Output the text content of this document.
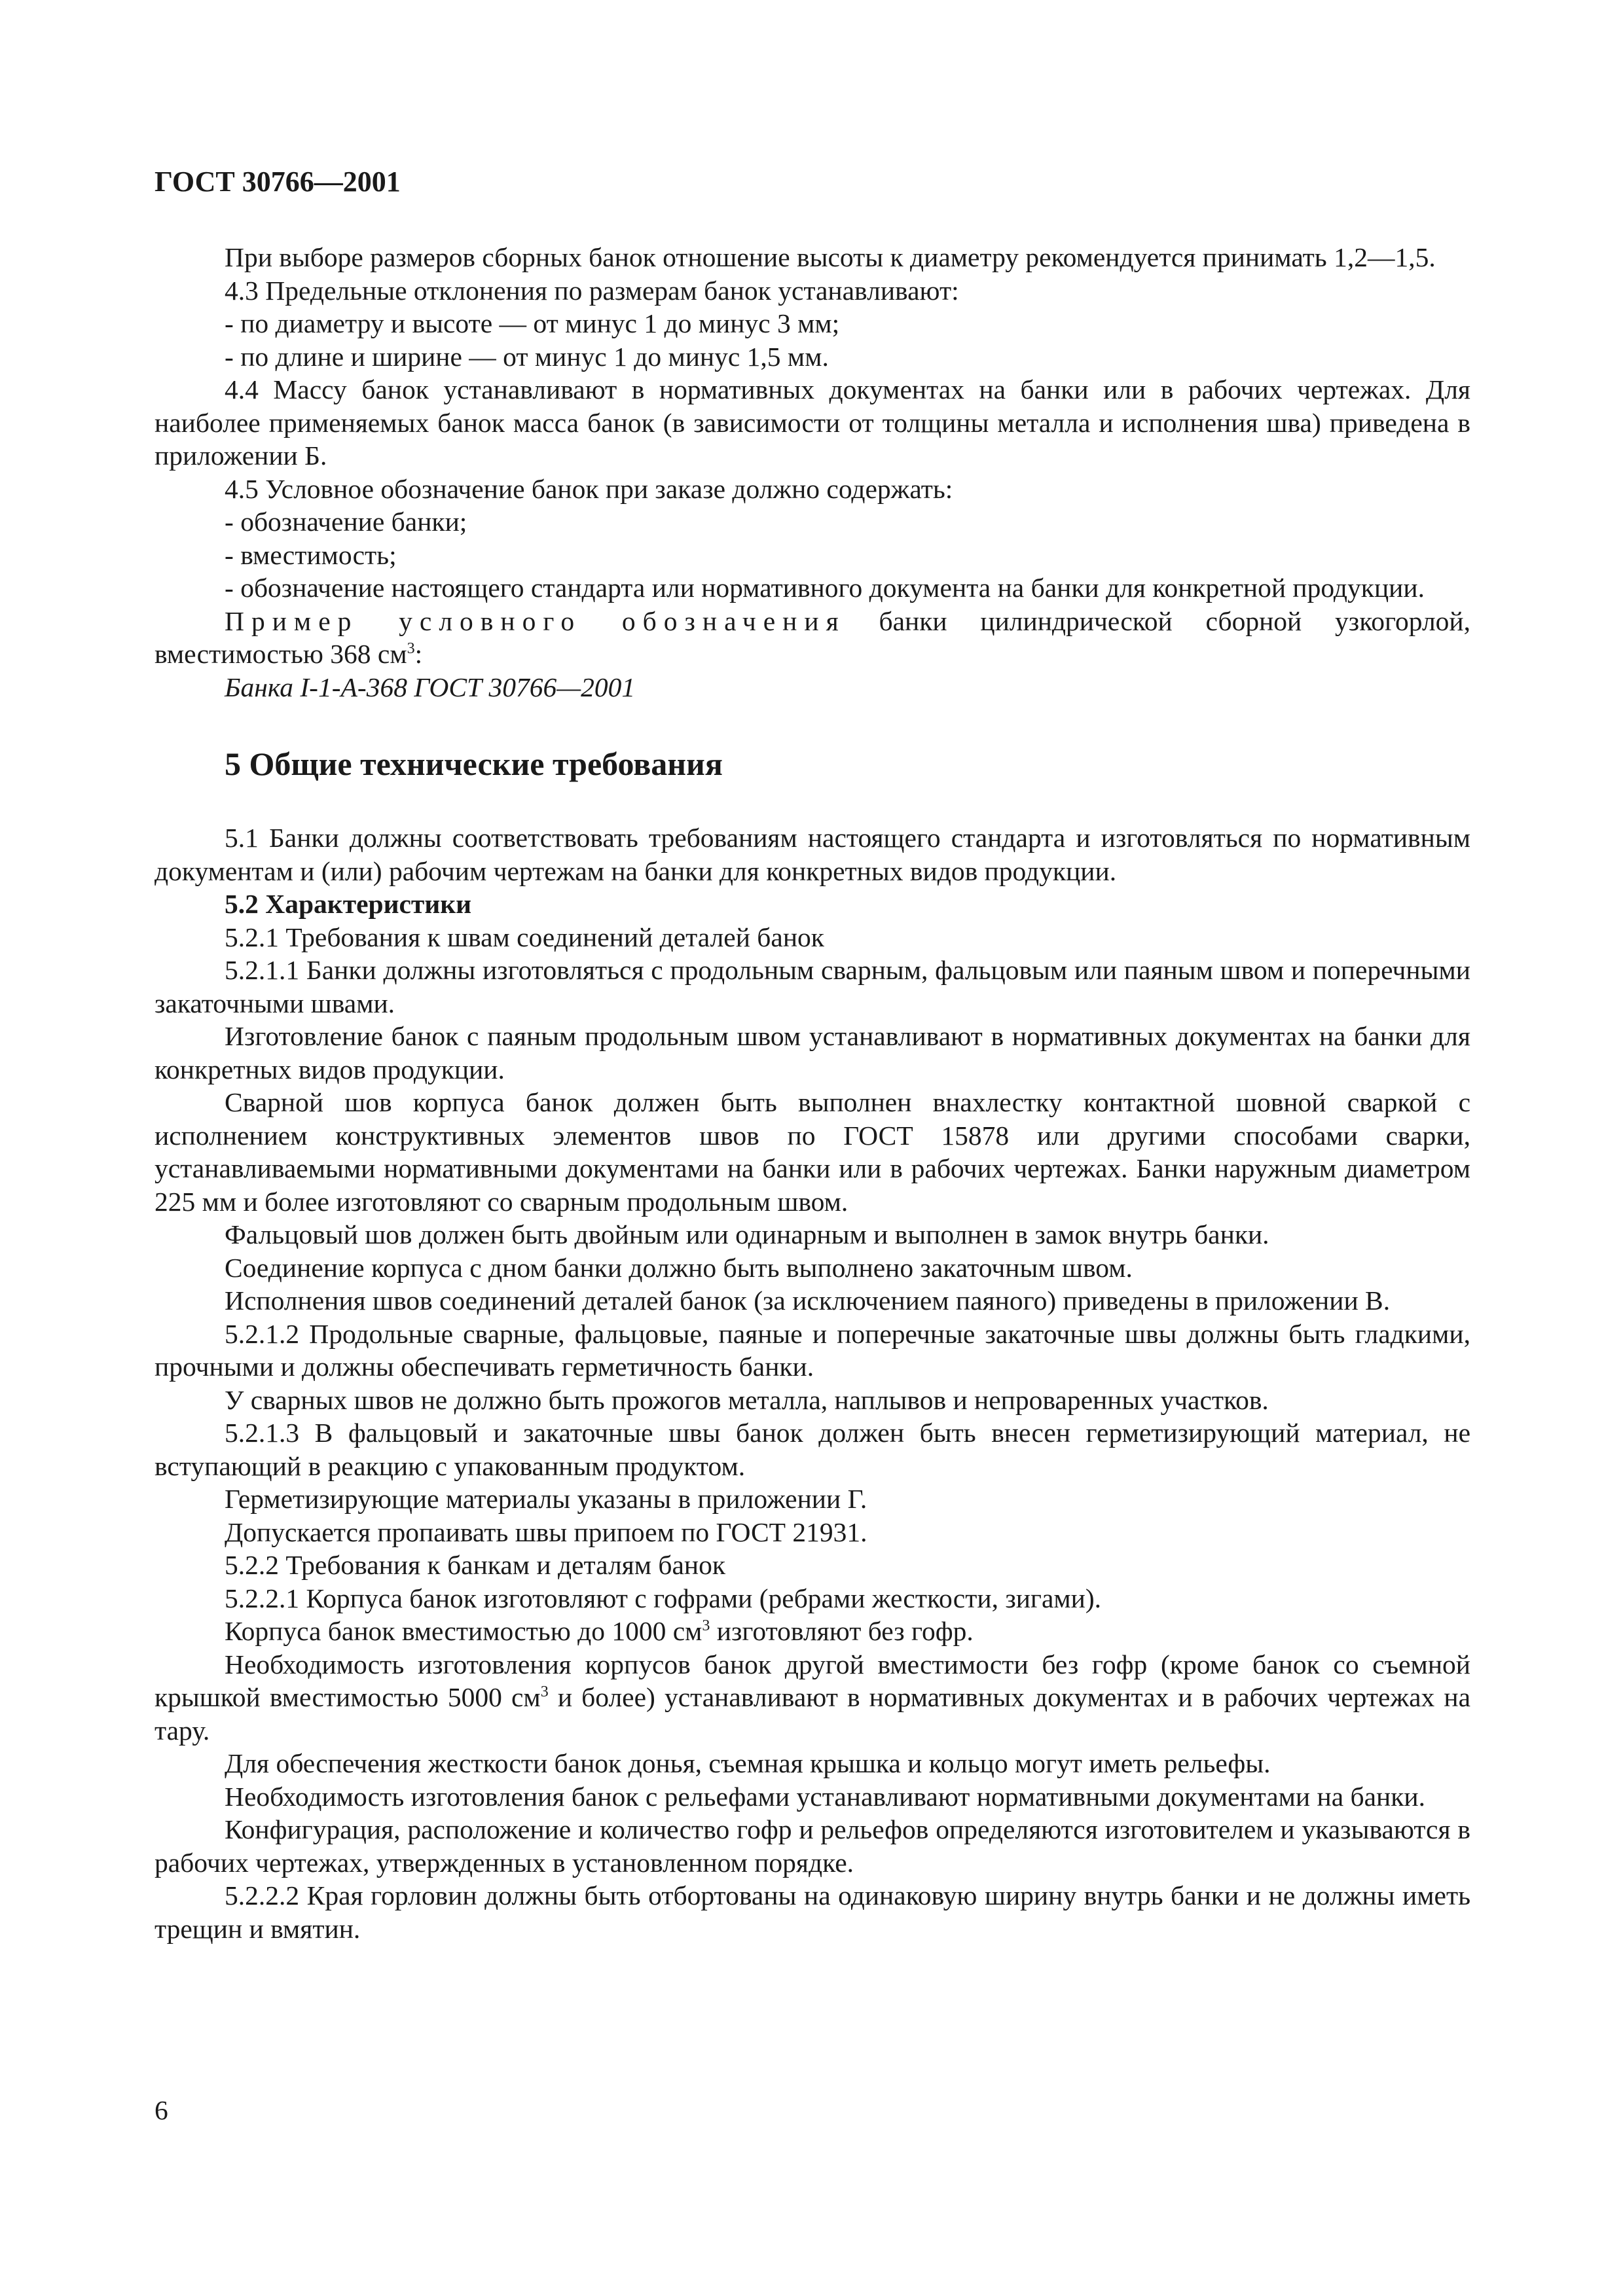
ГОСТ 30766—2001

При выборе размеров сборных банок отношение высоты к диаметру рекомендуется принимать 1,2—1,5.

4.3 Предельные отклонения по размерам банок устанавливают:

- по диаметру и высоте — от минус 1 до минус 3 мм;

- по длине и ширине — от минус 1 до минус 1,5 мм.

4.4 Массу банок устанавливают в нормативных документах на банки или в рабочих чертежах. Для наиболее применяемых банок масса банок (в зависимости от толщины металла и исполнения шва) приведена в приложении Б.

4.5 Условное обозначение банок при заказе должно содержать:

- обозначение банки;

- вместимость;

- обозначение настоящего стандарта или нормативного документа на банки для конкретной продукции.

Пример условного обозначения банки цилиндрической сборной узкогорлой, вместимостью 368 $см^3$:

Банка I-1-А-368 ГОСТ 30766—2001

5 Общие технические требования

5.1 Банки должны соответствовать требованиям настоящего стандарта и изготовляться по нормативным документам и (или) рабочим чертежам на банки для конкретных видов продукции.

5.2 Характеристики

5.2.1 Требования к швам соединений деталей банок

5.2.1.1 Банки должны изготовляться с продольным сварным, фальцовым или паяным швом и поперечными закаточными швами.

Изготовление банок с паяным продольным швом устанавливают в нормативных документах на банки для конкретных видов продукции.

Сварной шов корпуса банок должен быть выполнен внахлестку контактной шовной сваркой с исполнением конструктивных элементов швов по ГОСТ 15878 или другими способами сварки, устанавливаемыми нормативными документами на банки или в рабочих чертежах. Банки наружным диаметром 225 мм и более изготовляют со сварным продольным швом.

Фальцовый шов должен быть двойным или одинарным и выполнен в замок внутрь банки.

Соединение корпуса с дном банки должно быть выполнено закаточным швом.

Исполнения швов соединений деталей банок (за исключением паяного) приведены в приложении В.

5.2.1.2 Продольные сварные, фальцовые, паяные и поперечные закаточные швы должны быть гладкими, прочными и должны обеспечивать герметичность банки.

У сварных швов не должно быть прожогов металла, наплывов и непроваренных участков.

5.2.1.3 В фальцовый и закаточные швы банок должен быть внесен герметизирующий материал, не вступающий в реакцию с упакованным продуктом.

Герметизирующие материалы указаны в приложении Г.

Допускается пропаивать швы припоем по ГОСТ 21931.

5.2.2 Требования к банкам и деталям банок

5.2.2.1 Корпуса банок изготовляют с гофрами (ребрами жесткости, зигами).

Корпуса банок вместимостью до 1000 $см^3$ изготовляют без гофр.

Необходимость изготовления корпусов банок другой вместимости без гофр (кроме банок со съемной крышкой вместимостью 5000 $см^3$ и более) устанавливают в нормативных документах и в рабочих чертежах на тару.

Для обеспечения жесткости банок донья, съемная крышка и кольцо могут иметь рельефы.

Необходимость изготовления банок с рельефами устанавливают нормативными документами на банки.

Конфигурация, расположение и количество гофр и рельефов определяются изготовителем и указываются в рабочих чертежах, утвержденных в установленном порядке.

5.2.2.2 Края горловин должны быть отбортованы на одинаковую ширину внутрь банки и не должны иметь трещин и вмятин.

6
